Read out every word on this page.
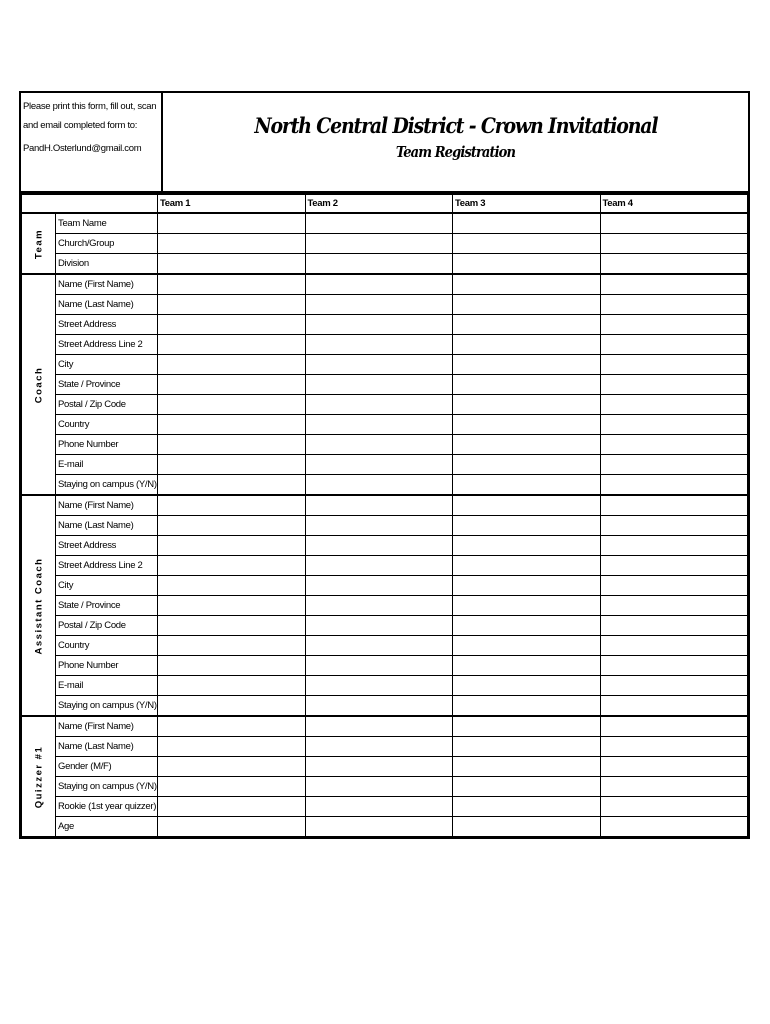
Please print this form, fill out, scan
and email completed form to:
PandH.Osterlund@gmail.com
North Central District - Crown Invitational
Team Registration
		Team 1	Team 2	Team 3	Team 4

Team	Team Name				
	Church/Group				
	Division				

Coach	Name (First Name)				
	Name (Last Name)				
	Street Address				
	Street Address Line 2				
	City				
	State / Province				
	Postal / Zip Code				
	Country				
	Phone Number				
	E-mail				
	Staying on campus (Y/N)				

Assistant Coach	Name (First Name)				
	Name (Last Name)				
	Street Address				
	Street Address Line 2				
	City				
	State / Province				
	Postal / Zip Code				
	Country				
	Phone Number				
	E-mail				
	Staying on campus (Y/N)				

Quizzer #1	Name (First Name)				
	Name (Last Name)				
	Gender (M/F)				
	Staying on campus (Y/N)				
	Rookie (1st year quizzer)				
	Age				
